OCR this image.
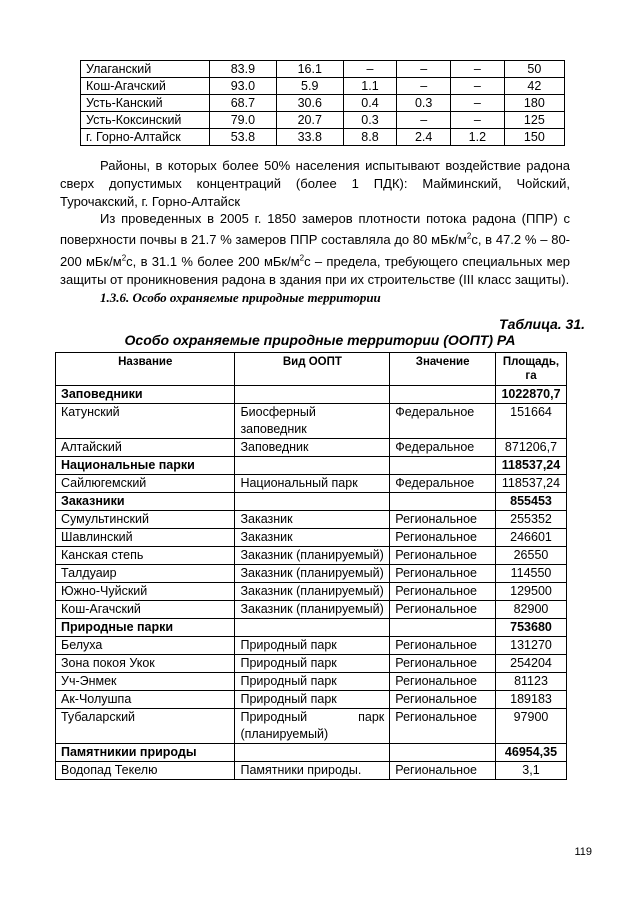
Улаганский	83.9	16.1	–	–	–	50
Кош-Агачский	93.0	5.9	1.1	–	–	42
Усть-Канский	68.7	30.6	0.4	0.3	–	180
Усть-Коксинский	79.0	20.7	0.3	–	–	125
г. Горно-Алтайск	53.8	33.8	8.8	2.4	1.2	150

Районы, в которых более 50% населения испытывают воздействие радона сверх допустимых концентраций (более 1 ПДК): Майминский, Чойский, Турочакский, г. Горно-Алтайск

Из проведенных в 2005 г. 1850 замеров плотности потока радона (ППР) с поверхности почвы в 21.7 % замеров ППР составляла до 80 мБк/$м^2с$, в 47.2 % – 80-200 мБк/$м^2с$, в 31.1 % более 200 мБк/$м^2с$ – предела, требующего специальных мер защиты от проникновения радона в здания при их строительстве (III класс защиты).

1.3.6. Особо охраняемые природные территории

Таблица. 31.

Особо охраняемые природные территории (ООПТ) РА

Название	Вид ООПТ	Значение	Площадь, га
Заповедники			1022870,7
Катунский	Биосферный заповедник	Федеральное	151664
Алтайский	Заповедник	Федеральное	871206,7
Национальные парки			118537,24
Сайлюгемский	Национальный парк	Федеральное	118537,24
Заказники			855453
Сумультинский	Заказник	Региональное	255352
Шавлинский	Заказник	Региональное	246601
Канская степь	Заказник (планируемый)	Региональное	26550
Талдуаир	Заказник (планируемый)	Региональное	114550
Южно-Чуйский	Заказник (планируемый)	Региональное	129500
Кош-Агачский	Заказник (планируемый)	Региональное	82900
Природные парки			753680
Белуха	Природный парк	Региональное	131270
Зона покоя Укок	Природный парк	Региональное	254204
Уч-Энмек	Природный парк	Региональное	81123
Ак-Чолушпа	Природный парк	Региональное	189183
Тубаларский	Природный парк (планируемый)	Региональное	97900
Памятникии природы			46954,35
Водопад Текелю	Памятники природы.	Региональное	3,1

119
